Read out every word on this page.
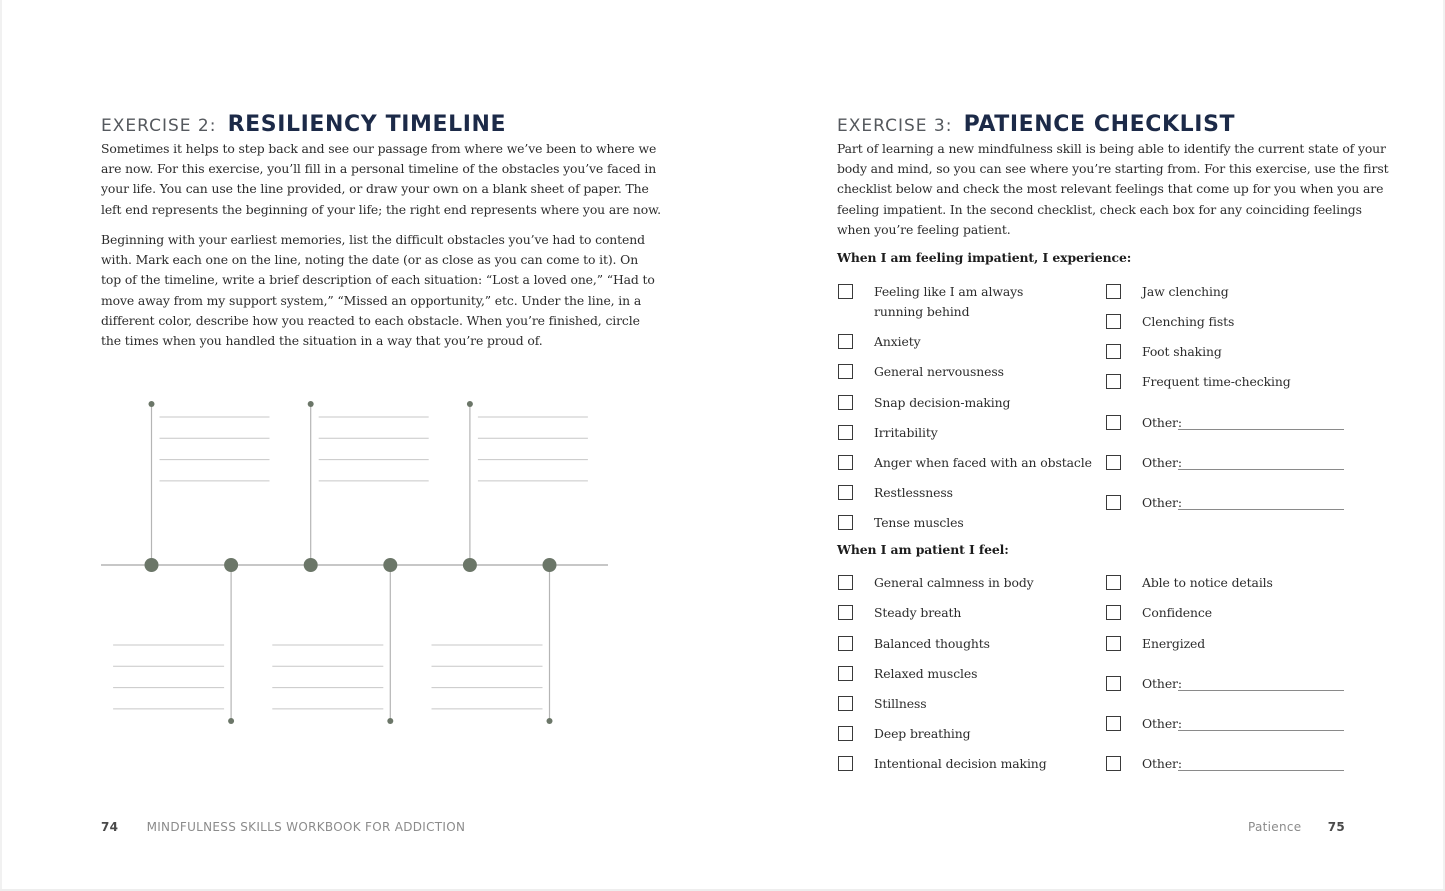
EXERCISE 2: RESILIENCY TIMELINE

Sometimes it helps to step back and see our passage from where we’ve been to where we
are now. For this exercise, you’ll fill in a personal timeline of the obstacles you’ve faced in
your life. You can use the line provided, or draw your own on a blank sheet of paper. The
left end represents the beginning of your life; the right end represents where you are now.

Beginning with your earliest memories, list the difficult obstacles you’ve had to contend
with. Mark each one on the line, noting the date (or as close as you can come to it). On
top of the timeline, write a brief description of each situation: “Lost a loved one,” “Had to
move away from my support system,” “Missed an opportunity,” etc. Under the line, in a
different color, describe how you reacted to each obstacle. When you’re finished, circle
the times when you handled the situation in a way that you’re proud of.

74 MINDFULNESS SKILLS WORKBOOK FOR ADDICTION
EXERCISE 3: PATIENCE CHECKLIST

Part of learning a new mindfulness skill is being able to identify the current state of your
body and mind, so you can see where you’re starting from. For this exercise, use the first
checklist below and check the most relevant feelings that come up for you when you are
feeling impatient. In the second checklist, check each box for any coinciding feelings
when you’re feeling patient.

When I am feeling impatient, I experience:

Feeling like I am always
running behind
Anxiety
General nervousness
Snap decision-making
Irritability
Anger when faced with an obstacle
Restlessness
Tense muscles
Jaw clenching
Clenching fists
Foot shaking
Frequent time-checking
Other:
Other:
Other:

When I am patient I feel:

General calmness in body
Steady breath
Balanced thoughts
Relaxed muscles
Stillness
Deep breathing
Intentional decision making
Able to notice details
Confidence
Energized
Other:
Other:
Other:
Patience 75
